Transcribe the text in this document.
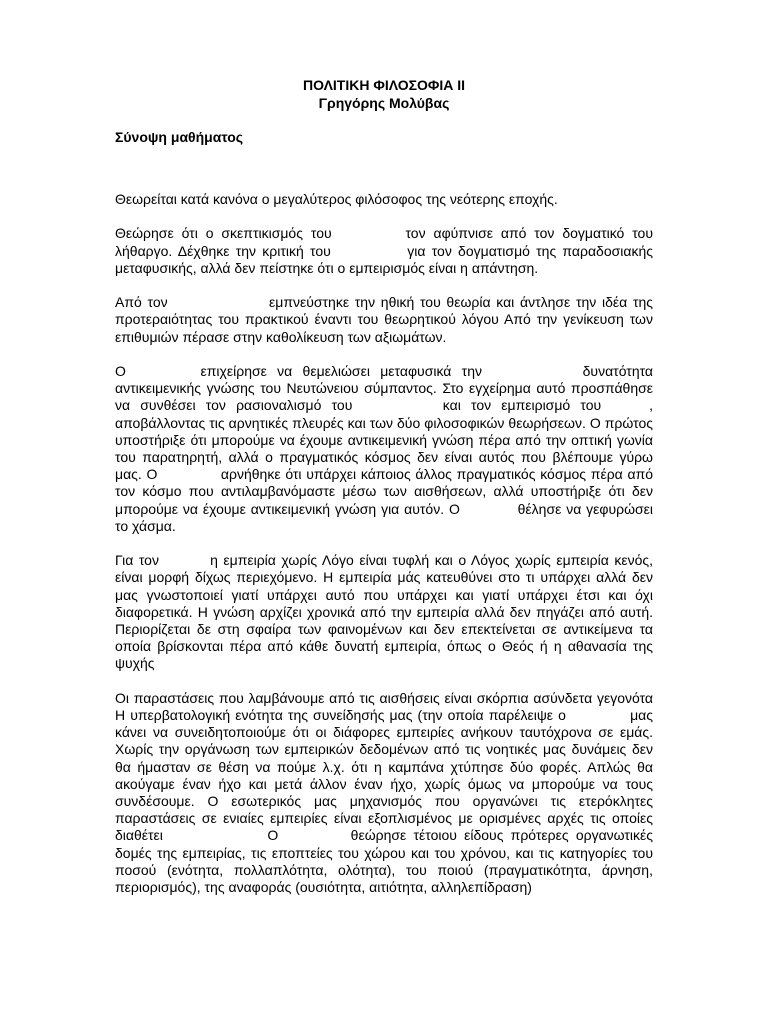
ΠΟΛΙΤΙΚΗ ΦΙΛΟΣΟΦΙΑ ΙΙ
Γρηγόρης Μολύβας
Σύνοψη μαθήματος

Θεωρείται κατά κανόνα ο μεγαλύτερος φιλόσοφος της νεότερης εποχής.

Θεώρησε ότι ο σκεπτικισμός του	τον αφύπνισε από τον δογματικό του λήθαργο. Δέχθηκε την κριτική του	για τον δογματισμό της παραδοσιακής μεταφυσικής, αλλά δεν πείστηκε ότι ο εμπειρισμός είναι η απάντηση.

Από τον	εμπνεύστηκε την ηθική του θεωρία και άντλησε την ιδέα της προτεραιότητας του πρακτικού έναντι του θεωρητικού λόγου Από την γενίκευση των επιθυμιών πέρασε στην καθολίκευση των αξιωμάτων.

Ο	επιχείρησε να θεμελιώσει μεταφυσικά την	δυνατότητα αντικειμενικής γνώσης του Νευτώνειου σύμπαντος. Στο εγχείρημα αυτό προσπάθησε να συνθέσει τον ρασιοναλισμό του	και τον εμπειρισμό του	, αποβάλλοντας τις αρνητικές πλευρές και των δύο φιλοσοφικών θεωρήσεων. Ο πρώτος υποστήριξε ότι μπορούμε να έχουμε αντικειμενική γνώση πέρα από την οπτική γωνία του παρατηρητή, αλλά ο πραγματικός κόσμος δεν είναι αυτός που βλέπουμε γύρω μας. Ο	αρνήθηκε ότι υπάρχει κάποιος άλλος πραγματικός κόσμος πέρα από τον κόσμο που αντιλαμβανόμαστε μέσω των αισθήσεων, αλλά υποστήριξε ότι δεν μπορούμε να έχουμε αντικειμενική γνώση για αυτόν. Ο	θέλησε να γεφυρώσει το χάσμα.

Για τον	η εμπειρία χωρίς Λόγο είναι τυφλή και ο Λόγος χωρίς εμπειρία κενός, είναι μορφή δίχως περιεχόμενο. Η εμπειρία μάς κατευθύνει στο τι υπάρχει αλλά δεν μας γνωστοποιεί γιατί υπάρχει αυτό που υπάρχει και γιατί υπάρχει έτσι και όχι διαφορετικά. Η γνώση αρχίζει χρονικά από την εμπειρία αλλά δεν πηγάζει από αυτή. Περιορίζεται δε στη σφαίρα των φαινομένων και δεν επεκτείνεται σε αντικείμενα τα οποία βρίσκονται πέρα από κάθε δυνατή εμπειρία, όπως ο Θεός ή η αθανασία της ψυχής

Οι παραστάσεις που λαμβάνουμε από τις αισθήσεις είναι σκόρπια ασύνδετα γεγονότα Η υπερβατολογική ενότητα της συνείδησής μας (την οποία παρέλειψε ο	μας κάνει να συνειδητοποιούμε ότι οι διάφορες εμπειρίες ανήκουν ταυτόχρονα σε εμάς. Χωρίς την οργάνωση των εμπειρικών δεδομένων από τις νοητικές μας δυνάμεις δεν θα ήμασταν σε θέση να πούμε λ.χ. ότι η καμπάνα χτύπησε δύο φορές. Απλώς θα ακούγαμε έναν ήχο και μετά άλλον έναν ήχο, χωρίς όμως να μπορούμε να τους συνδέσουμε. Ο εσωτερικός μας μηχανισμός που οργανώνει τις ετερόκλητες παραστάσεις σε ενιαίες εμπειρίες είναι εξοπλισμένος με ορισμένες αρχές τις οποίες διαθέτει	Ο	θεώρησε τέτοιου είδους πρότερες οργανωτικές δομές της εμπειρίας, τις εποπτείες του χώρου και του χρόνου, και τις κατηγορίες του ποσού (ενότητα, πολλαπλότητα, ολότητα), του ποιού (πραγματικότητα, άρνηση, περιορισμός), της αναφοράς (ουσιότητα, αιτιότητα, αλληλεπίδραση)
